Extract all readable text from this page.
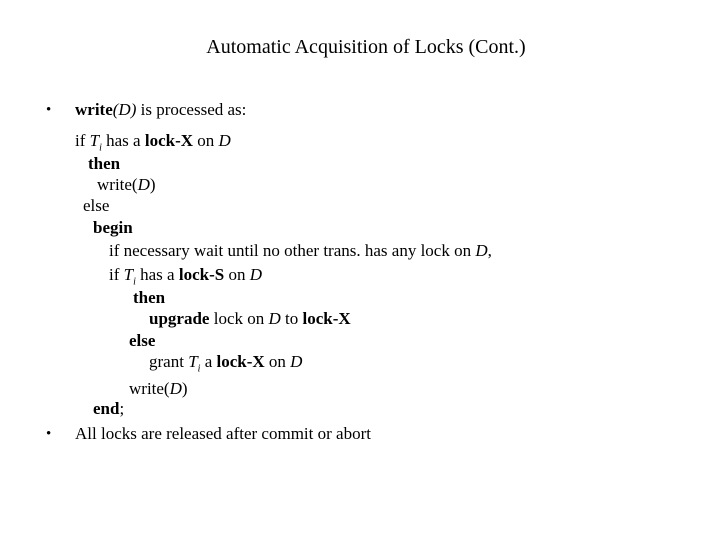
Automatic Acquisition of Locks (Cont.)
• write(D) is processed as:
if $T_i$ has a lock-X on D
then
write(D)
else
begin
if necessary wait until no other trans. has any lock on D,
if $T_i$ has a lock-S on D
then
upgrade lock on D to lock-X
else
grant $T_i$ a lock-X on D
write(D)
end;
• All locks are released after commit or abort
